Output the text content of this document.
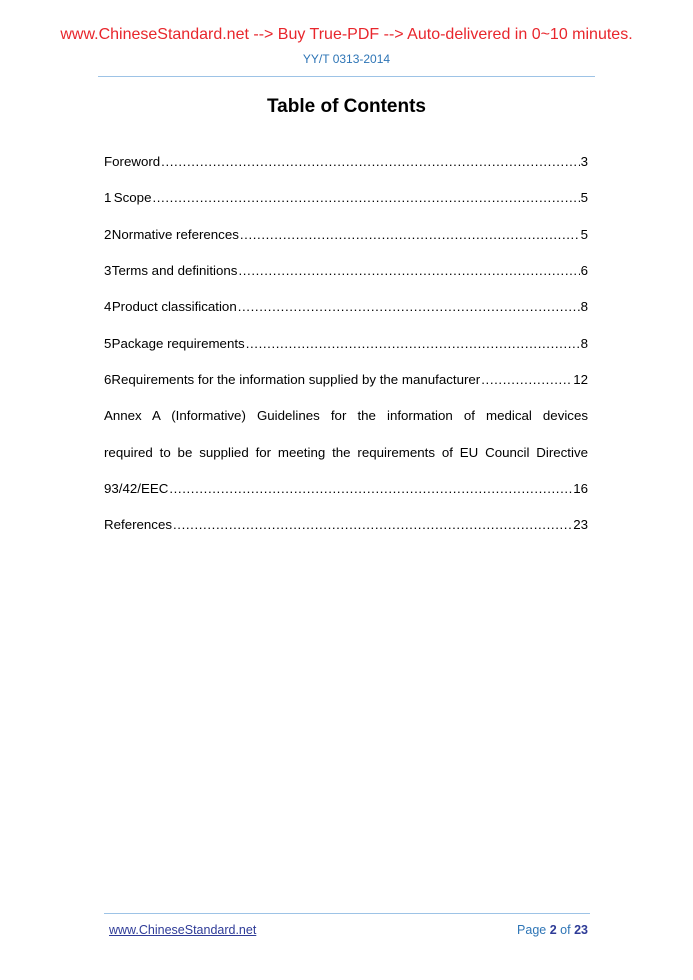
www.ChineseStandard.net --> Buy True-PDF --> Auto-delivered in 0~10 minutes.
YY/T 0313-2014
Table of Contents
Foreword .....	3
1 Scope .....	5
2 Normative references .....	5
3 Terms and definitions .....	6
4 Product classification .....	8
5 Package requirements .....	8
6 Requirements for the information supplied by the manufacturer .....	12
Annex A (Informative) Guidelines for the information of medical devices
required to be supplied for meeting the requirements of EU Council Directive
93/42/EEC .....	16
References .....	23
www.ChineseStandard.net	Page 2 of 23
